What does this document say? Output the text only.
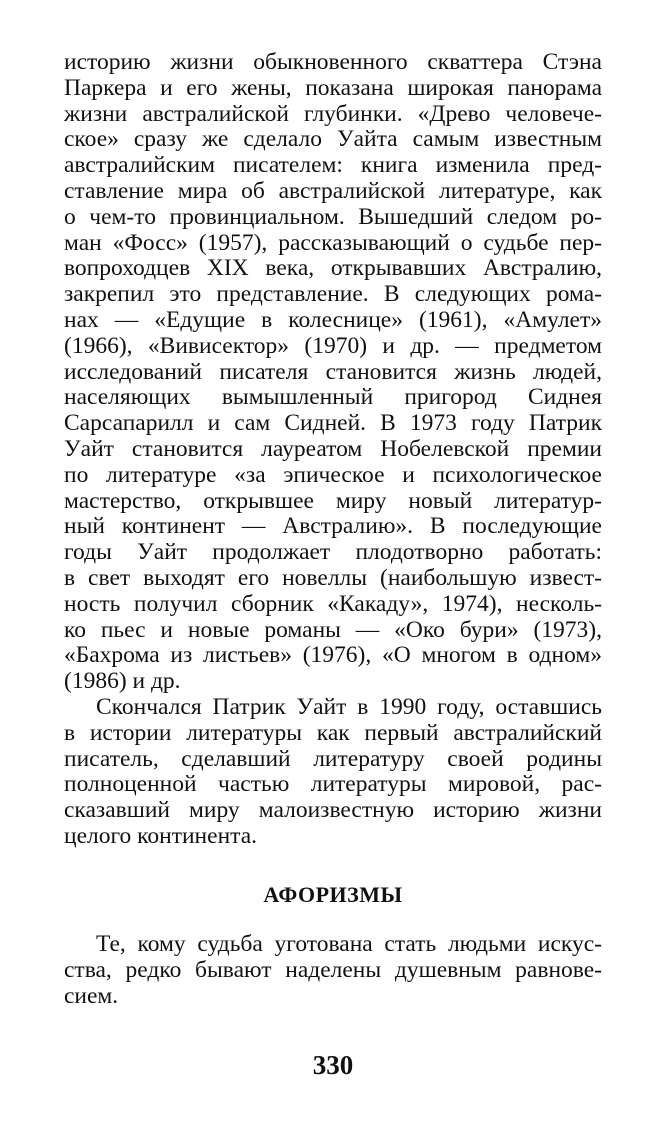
историю жизни обыкновенного скваттера Стэна
Паркера и его жены, показана широкая панорама
жизни австралийской глубинки. «Древо человече-
ское» сразу же сделало Уайта самым известным
австралийским писателем: книга изменила пред-
ставление мира об австралийской литературе, как
о чем-то провинциальном. Вышедший следом ро-
ман «Фосс» (1957), рассказывающий о судьбе пер-
вопроходцев XIX века, открывавших Австралию,
закрепил это представление. В следующих рома-
нах — «Едущие в колеснице» (1961), «Амулет»
(1966), «Вивисектор» (1970) и др. — предметом
исследований писателя становится жизнь людей,
населяющих вымышленный пригород Сиднея
Сарсапарилл и сам Сидней. В 1973 году Патрик
Уайт становится лауреатом Нобелевской премии
по литературе «за эпическое и психологическое
мастерство, открывшее миру новый литератур-
ный континент — Австралию». В последующие
годы Уайт продолжает плодотворно работать:
в свет выходят его новеллы (наибольшую извест-
ность получил сборник «Какаду», 1974), несколь-
ко пьес и новые романы — «Око бури» (1973),
«Бахрома из листьев» (1976), «О многом в одном»
(1986) и др.
Скончался Патрик Уайт в 1990 году, оставшись
в истории литературы как первый австралийский
писатель, сделавший литературу своей родины
полноценной частью литературы мировой, рас-
сказавший миру малоизвестную историю жизни
целого континента.
АФОРИЗМЫ
Те, кому судьба уготована стать людьми искус-
ства, редко бывают наделены душевным равнове-
сием.
330
